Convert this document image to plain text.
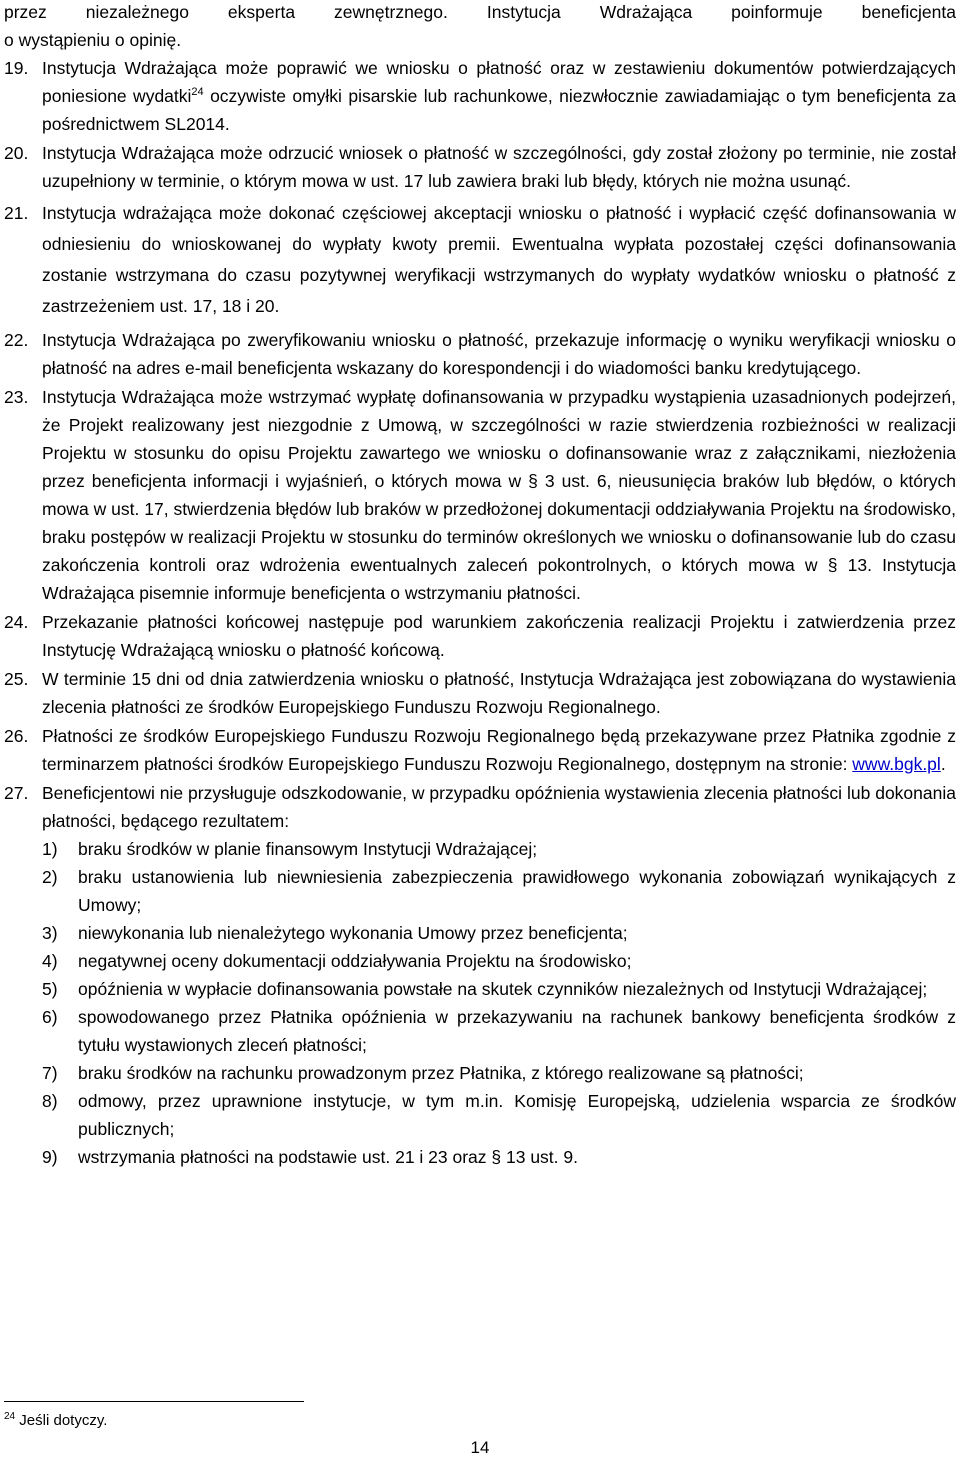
przez niezależnego eksperta zewnętrznego. Instytucja Wdrażająca poinformuje beneficjenta
o wystąpieniu o opinię.
19. Instytucja Wdrażająca może poprawić we wniosku o płatność oraz w zestawieniu dokumentów potwierdzających poniesione wydatki$^{24}$ oczywiste omyłki pisarskie lub rachunkowe, niezwłocznie zawiadamiając o tym beneficjenta za pośrednictwem SL2014.
20. Instytucja Wdrażająca może odrzucić wniosek o płatność w szczególności, gdy został złożony po terminie, nie został uzupełniony w terminie, o którym mowa w ust. 17 lub zawiera braki lub błędy, których nie można usunąć.
21. Instytucja wdrażająca może dokonać częściowej akceptacji wniosku o płatność i wypłacić część dofinansowania w odniesieniu do wnioskowanej do wypłaty kwoty premii. Ewentualna wypłata pozostałej części dofinansowania zostanie wstrzymana do czasu pozytywnej weryfikacji wstrzymanych do wypłaty wydatków wniosku o płatność z zastrzeżeniem ust. 17, 18 i 20.
22. Instytucja Wdrażająca po zweryfikowaniu wniosku o płatność, przekazuje informację o wyniku weryfikacji wniosku o płatność na adres e-mail beneficjenta wskazany do korespondencji i do wiadomości banku kredytującego.
23. Instytucja Wdrażająca może wstrzymać wypłatę dofinansowania w przypadku wystąpienia uzasadnionych podejrzeń, że Projekt realizowany jest niezgodnie z Umową, w szczególności w razie stwierdzenia rozbieżności w realizacji Projektu w stosunku do opisu Projektu zawartego we wniosku o dofinansowanie wraz z załącznikami, niezłożenia przez beneficjenta informacji i wyjaśnień, o których mowa w § 3 ust. 6, nieusunięcia braków lub błędów, o których mowa w ust. 17, stwierdzenia błędów lub braków w przedłożonej dokumentacji oddziaływania Projektu na środowisko, braku postępów w realizacji Projektu w stosunku do terminów określonych we wniosku o dofinansowanie lub do czasu zakończenia kontroli oraz wdrożenia ewentualnych zaleceń pokontrolnych, o których mowa w § 13. Instytucja Wdrażająca pisemnie informuje beneficjenta o wstrzymaniu płatności.
24. Przekazanie płatności końcowej następuje pod warunkiem zakończenia realizacji Projektu i zatwierdzenia przez Instytucję Wdrażającą wniosku o płatność końcową.
25. W terminie 15 dni od dnia zatwierdzenia wniosku o płatność, Instytucja Wdrażająca jest zobowiązana do wystawienia zlecenia płatności ze środków Europejskiego Funduszu Rozwoju Regionalnego.
26. Płatności ze środków Europejskiego Funduszu Rozwoju Regionalnego będą przekazywane przez Płatnika zgodnie z terminarzem płatności środków Europejskiego Funduszu Rozwoju Regionalnego, dostępnym na stronie: www.bgk.pl.
27. Beneficjentowi nie przysługuje odszkodowanie, w przypadku opóźnienia wystawienia zlecenia płatności lub dokonania płatności, będącego rezultatem:
1) braku środków w planie finansowym Instytucji Wdrażającej;
2) braku ustanowienia lub niewniesienia zabezpieczenia prawidłowego wykonania zobowiązań wynikających z Umowy;
3) niewykonania lub nienależytego wykonania Umowy przez beneficjenta;
4) negatywnej oceny dokumentacji oddziaływania Projektu na środowisko;
5) opóźnienia w wypłacie dofinansowania powstałe na skutek czynników niezależnych od Instytucji Wdrażającej;
6) spowodowanego przez Płatnika opóźnienia w przekazywaniu na rachunek bankowy beneficjenta środków z tytułu wystawionych zleceń płatności;
7) braku środków na rachunku prowadzonym przez Płatnika, z którego realizowane są płatności;
8) odmowy, przez uprawnione instytucje, w tym m.in. Komisję Europejską, udzielenia wsparcia ze środków publicznych;
9) wstrzymania płatności na podstawie ust. 21 i 23 oraz § 13 ust. 9.
$^{24}$ Jeśli dotyczy.
14
